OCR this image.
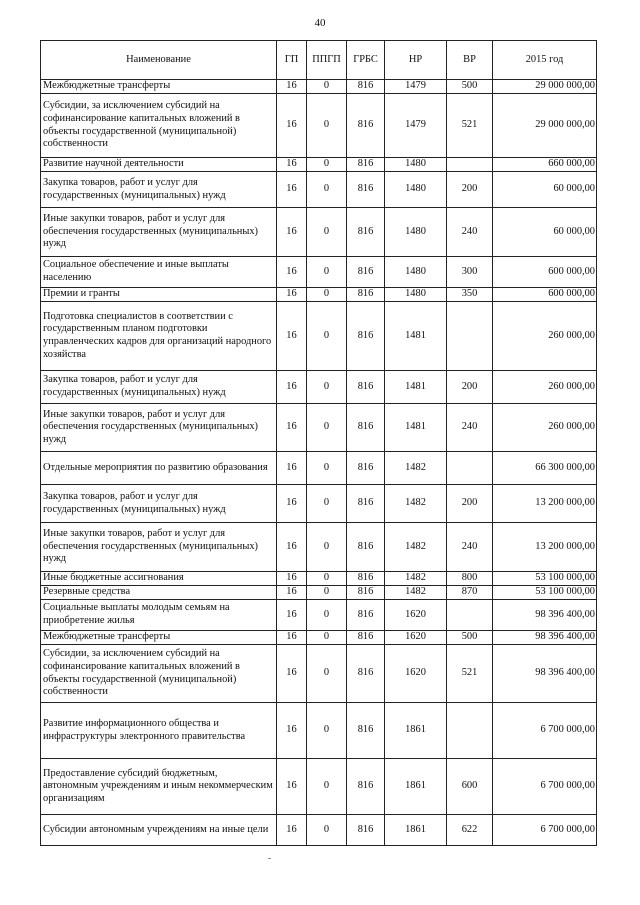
40
Наименование	ГП	ППГП	ГРБС	НР	ВР	2015 год
Межбюджетные трансферты	16	0	816	1479	500	29 000 000,00
Субсидии, за исключением субсидий на софинансирование капитальных вложений в объекты государственной (муниципальной) собственности	16	0	816	1479	521	29 000 000,00
Развитие научной деятельности	16	0	816	1480		660 000,00
Закупка товаров, работ и услуг для государственных (муниципальных) нужд	16	0	816	1480	200	60 000,00
Иные закупки товаров, работ и услуг для обеспечения государственных (муниципальных) нужд	16	0	816	1480	240	60 000,00
Социальное обеспечение и иные выплаты населению	16	0	816	1480	300	600 000,00
Премии и гранты	16	0	816	1480	350	600 000,00
Подготовка специалистов в соответствии с государственным планом подготовки управленческих кадров для организаций народного хозяйства	16	0	816	1481		260 000,00
Закупка товаров, работ и услуг для государственных (муниципальных) нужд	16	0	816	1481	200	260 000,00
Иные закупки товаров, работ и услуг для обеспечения государственных (муниципальных) нужд	16	0	816	1481	240	260 000,00
Отдельные мероприятия по развитию образования	16	0	816	1482		66 300 000,00
Закупка товаров, работ и услуг для государственных (муниципальных) нужд	16	0	816	1482	200	13 200 000,00
Иные закупки товаров, работ и услуг для обеспечения государственных (муниципальных) нужд	16	0	816	1482	240	13 200 000,00
Иные бюджетные ассигнования	16	0	816	1482	800	53 100 000,00
Резервные средства	16	0	816	1482	870	53 100 000,00
Социальные выплаты молодым семьям на приобретение жилья	16	0	816	1620		98 396 400,00
Межбюджетные трансферты	16	0	816	1620	500	98 396 400,00
Субсидии, за исключением субсидий на софинансирование капитальных вложений в объекты государственной (муниципальной) собственности	16	0	816	1620	521	98 396 400,00
Развитие информационного общества и инфраструктуры электронного правительства	16	0	816	1861		6 700 000,00
Предоставление субсидий бюджетным, автономным учреждениям и иным некоммерческим организациям	16	0	816	1861	600	6 700 000,00
Субсидии автономным учреждениям на иные цели	16	0	816	1861	622	6 700 000,00
